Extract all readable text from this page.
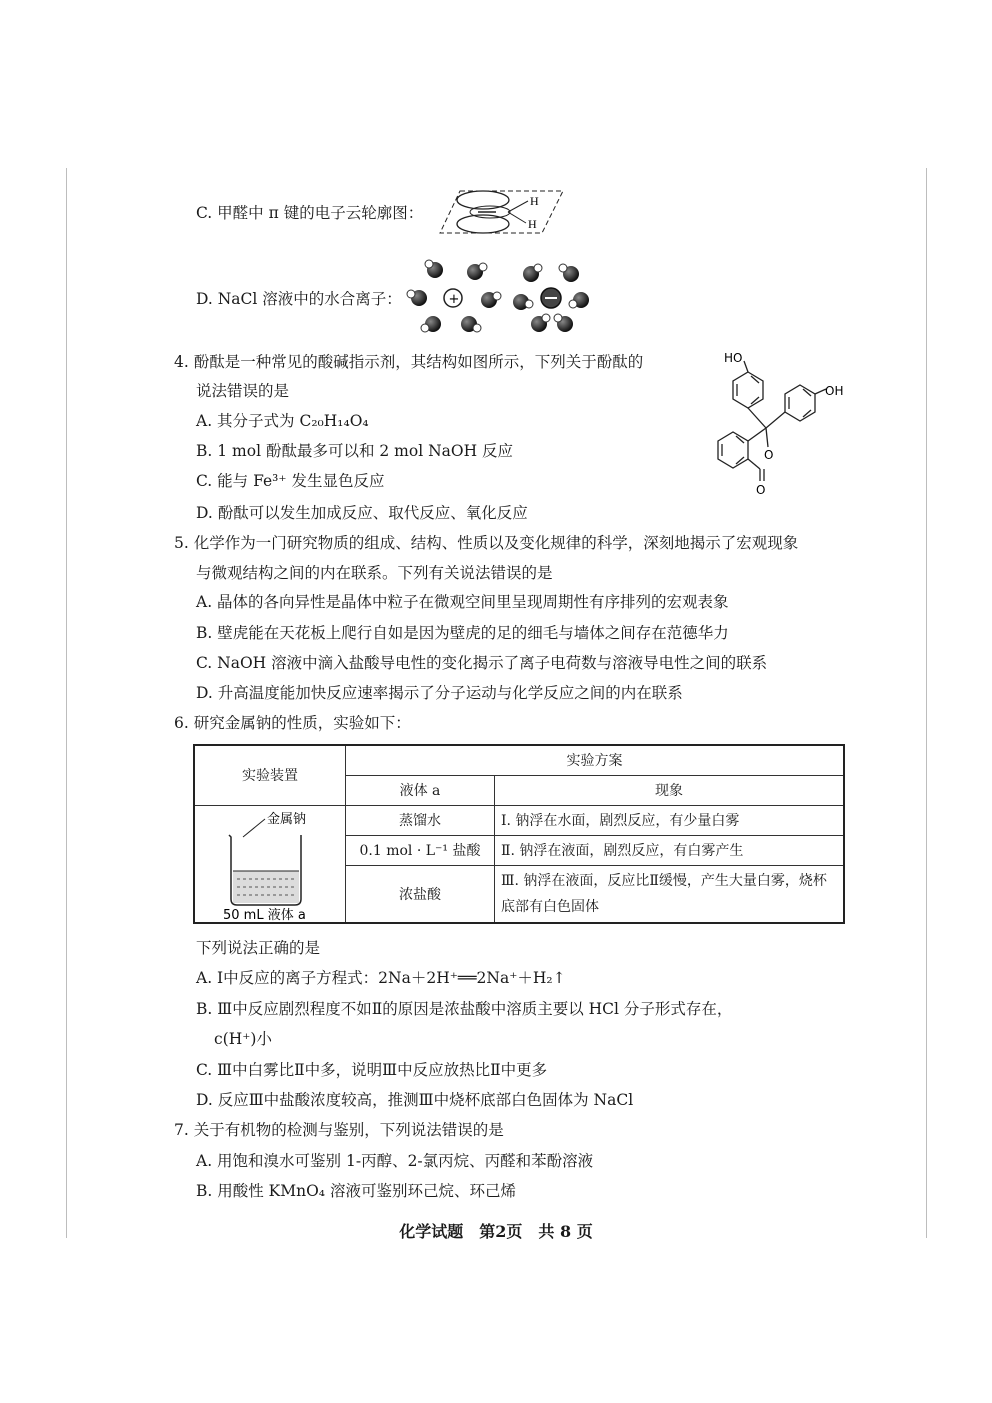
C. 甲醛中 π 键的电子云轮廓图：
H
H
D. NaCl 溶液中的水合离子：	+
4. 酚酞是一种常见的酸碱指示剂，其结构如图所示，下列关于酚酞的
说法错误的是
A. 其分子式为 C₂₀H₁₄O₄
B. 1 mol 酚酞最多可以和 2 mol NaOH 反应
C. 能与 Fe³⁺ 发生显色反应
D. 酚酞可以发生加成反应、取代反应、氧化反应
HO
OH
O
O
5. 化学作为一门研究物质的组成、结构、性质以及变化规律的科学，深刻地揭示了宏观现象
与微观结构之间的内在联系。下列有关说法错误的是
A. 晶体的各向异性是晶体中粒子在微观空间里呈现周期性有序排列的宏观表象
B. 壁虎能在天花板上爬行自如是因为壁虎的足的细毛与墙体之间存在范德华力
C. NaOH 溶液中滴入盐酸导电性的变化揭示了离子电荷数与溶液导电性之间的联系
D. 升高温度能加快反应速率揭示了分子运动与化学反应之间的内在联系
6. 研究金属钠的性质，实验如下：
实验装置	实验方案	
	液体 a	现象

金属钠
50 mL 液体 a	蒸馏水	Ⅰ. 钠浮在水面，剧烈反应，有少量白雾
	0.1 mol · L⁻¹ 盐酸	Ⅱ. 钠浮在液面，剧烈反应，有白雾产生
	浓盐酸	Ⅲ. 钠浮在液面，反应比Ⅱ缓慢，产生大量白雾，烧杯
底部有白色固体
下列说法正确的是
A. Ⅰ中反应的离子方程式：2Na＋2H⁺══2Na⁺＋H₂↑
B. Ⅲ中反应剧烈程度不如Ⅱ的原因是浓盐酸中溶质主要以 HCl 分子形式存在，
c(H⁺)小
C. Ⅲ中白雾比Ⅱ中多，说明Ⅲ中反应放热比Ⅱ中更多
D. 反应Ⅲ中盐酸浓度较高，推测Ⅲ中烧杯底部白色固体为 NaCl
7. 关于有机物的检测与鉴别，下列说法错误的是
A. 用饱和溴水可鉴别 1-丙醇、2-氯丙烷、丙醛和苯酚溶液
B. 用酸性 KMnO₄ 溶液可鉴别环己烷、环己烯
化学试题　第2页　共 8 页
